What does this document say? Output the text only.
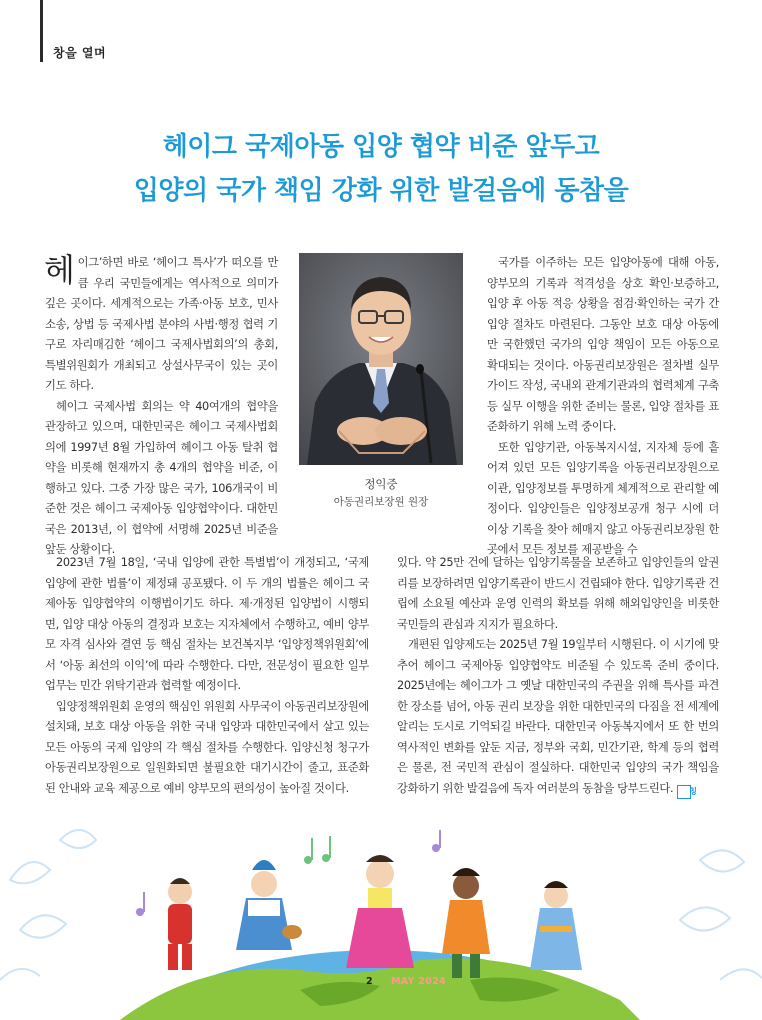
창을 열며
헤이그 국제아동 입양 협약 비준 앞두고
입양의 국가 책임 강화 위한 발걸음에 동참을

헤이그’하면 바로 ‘헤이그 특사’가 떠오를 만큼 우리 국민들에게는 역사적으로 의미가 깊은 곳이다. 세계적으로는 가족·아동 보호, 민사소송, 상법 등 국제사법 분야의 사법·행정 협력 기구로 자리매김한 ‘헤이그 국제사법회의’의 총회, 특별위원회가 개최되고 상설사무국이 있는 곳이기도 하다.

헤이그 국제사법 회의는 약 40여개의 협약을 관장하고 있으며, 대한민국은 헤이그 국제사법회의에 1997년 8월 가입하여 헤이그 아동 탈취 협약을 비롯해 현재까지 총 4개의 협약을 비준, 이행하고 있다. 그중 가장 많은 국가, 106개국이 비준한 것은 헤이그 국제아동 입양협약이다. 대한민국은 2013년, 이 협약에 서명해 2025년 비준을 앞둔 상황이다.

정익중
아동권리보장원 원장

국가를 이주하는 모든 입양아동에 대해 아동, 양부모의 기록과 적격성을 상호 확인·보증하고, 입양 후 아동 적응 상황을 점검·확인하는 국가 간 입양 절차도 마련된다. 그동안 보호 대상 아동에만 국한했던 국가의 입양 책임이 모든 아동으로 확대되는 것이다. 아동권리보장원은 절차별 실무가이드 작성, 국내외 관계기관과의 협력체계 구축 등 실무 이행을 위한 준비는 물론, 입양 절차를 표준화하기 위해 노력 중이다.

또한 입양기관, 아동복지시설, 지자체 등에 흩어져 있던 모든 입양기록을 아동권리보장원으로 이관, 입양정보를 투명하게 체계적으로 관리할 예정이다. 입양인들은 입양정보공개 청구 시에 더 이상 기록을 찾아 헤매지 않고 아동권리보장원 한 곳에서 모든 정보를 제공받을 수

2023년 7월 18일, ‘국내 입양에 관한 특별법’이 개정되고, ‘국제 입양에 관한 법률’이 제정돼 공포됐다. 이 두 개의 법률은 헤이그 국제아동 입양협약의 이행법이기도 하다. 제·개정된 입양법이 시행되면, 입양 대상 아동의 결정과 보호는 지자체에서 수행하고, 예비 양부모 자격 심사와 결연 등 핵심 절차는 보건복지부 ‘입양정책위원회’에서 ‘아동 최선의 이익’에 따라 수행한다. 다만, 전문성이 필요한 일부 업무는 민간 위탁기관과 협력할 예정이다.

입양정책위원회 운영의 핵심인 위원회 사무국이 아동권리보장원에 설치돼, 보호 대상 아동을 위한 국내 입양과 대한민국에서 살고 있는 모든 아동의 국제 입양의 각 핵심 절차를 수행한다. 입양신청 청구가 아동권리보장원으로 일원화되면 불필요한 대기시간이 줄고, 표준화된 안내와 교육 제공으로 예비 양부모의 편의성이 높아질 것이다.

있다. 약 25만 건에 달하는 입양기록물을 보존하고 입양인들의 알권리를 보장하려면 입양기록관이 반드시 건립돼야 한다. 입양기록관 건립에 소요될 예산과 운영 인력의 확보를 위해 해외입양인을 비롯한 국민들의 관심과 지지가 필요하다.

개편된 입양제도는 2025년 7월 19일부터 시행된다. 이 시기에 맞추어 헤이그 국제아동 입양협약도 비준될 수 있도록 준비 중이다. 2025년에는 헤이그가 그 옛날 대한민국의 주권을 위해 특사를 파견한 장소를 넘어, 아동 권리 보장을 위한 대한민국의 다짐을 전 세계에 알리는 도시로 기억되길 바란다. 대한민국 아동복지에서 또 한 번의 역사적인 변화를 앞둔 지금, 정부와 국회, 민간기관, 학계 등의 협력은 물론, 전 국민적 관심이 절실하다. 대한민국 입양의 국가 책임을 강화하기 위한 발걸음에 독자 여러분의 동참을 당부드린다. 칭

2 MAY 2024
